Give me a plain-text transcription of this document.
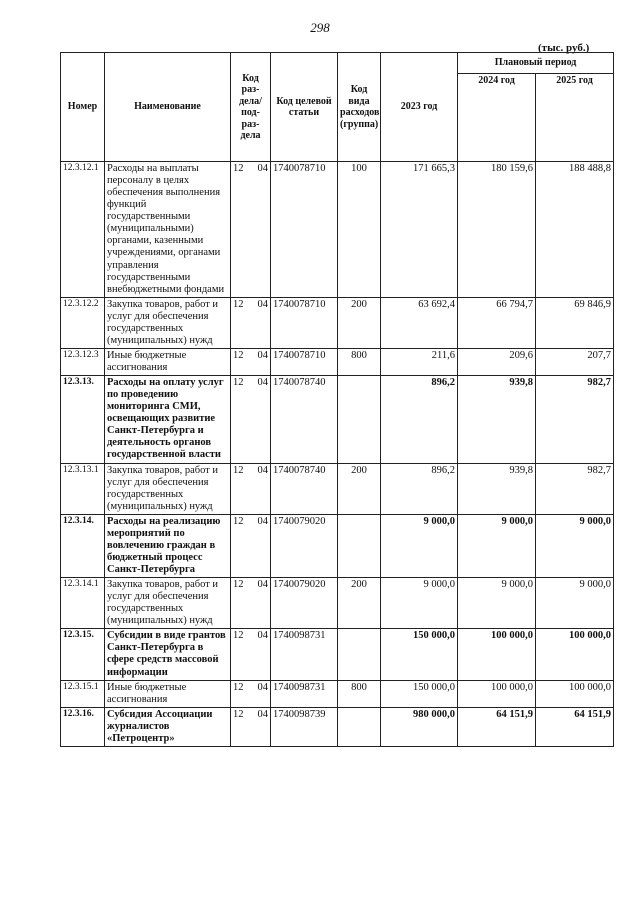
298
(тыс. руб.)
Номер	Наименование	Код раз-дела/ под-раз-дела		Код целевой статьи	Код вида расходов (группа)	2023 год	Плановый период	
							2024 год	2025 год
12.3.12.1	Расходы на выплаты персоналу в целях обеспечения выполнения функций государственными (муниципальными) органами, казенными учреждениями, органами управления государственными внебюджетными фондами	12	04	1740078710	100	171 665,3	180 159,6	188 488,8
12.3.12.2	Закупка товаров, работ и услуг для обеспечения государственных (муниципальных) нужд	12	04	1740078710	200	63 692,4	66 794,7	69 846,9
12.3.12.3	Иные бюджетные ассигнования	12	04	1740078710	800	211,6	209,6	207,7
12.3.13.	Расходы на оплату услуг по проведению мониторинга СМИ, освещающих развитие Санкт-Петербурга и деятельность органов государственной власти	12	04	1740078740		896,2	939,8	982,7
12.3.13.1	Закупка товаров, работ и услуг для обеспечения государственных (муниципальных) нужд	12	04	1740078740	200	896,2	939,8	982,7
12.3.14.	Расходы на реализацию мероприятий по вовлечению граждан в бюджетный процесс Санкт-Петербурга	12	04	1740079020		9 000,0	9 000,0	9 000,0
12.3.14.1	Закупка товаров, работ и услуг для обеспечения государственных (муниципальных) нужд	12	04	1740079020	200	9 000,0	9 000,0	9 000,0
12.3.15.	Субсидии в виде грантов Санкт-Петербурга в сфере средств массовой информации	12	04	1740098731		150 000,0	100 000,0	100 000,0
12.3.15.1	Иные бюджетные ассигнования	12	04	1740098731	800	150 000,0	100 000,0	100 000,0
12.3.16.	Субсидия Ассоциации журналистов «Петроцентр»	12	04	1740098739		980 000,0	64 151,9	64 151,9
